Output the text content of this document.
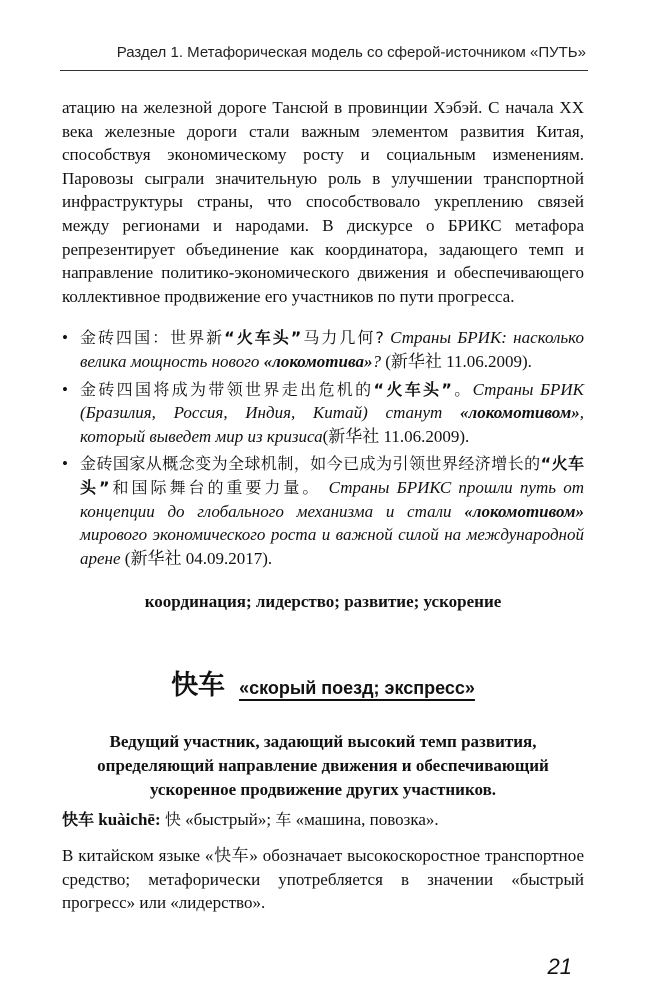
Раздел 1. Метафорическая модель со сферой-источником «ПУТЬ»

атацию на железной дороге Тансюй в провинции Хэбэй. С начала XX века железные дороги стали важным элементом развития Китая, способствуя экономическому росту и социальным изменениям. Паровозы сыграли значительную роль в улучшении транспортной инфраструктуры страны, что способствовало укреплению связей между регионами и народами. В дискурсе о БРИКС метафора репрезентирует объединение как координатора, задающего темп и направление политико-экономического движения и обеспечивающего коллективное продвижение его участников по пути прогресса.

• 金砖四国：世界新“火车头”马力几何? Страны БРИК: насколько велика мощность нового «локомотива»? (新华社 11.06.2009).
• 金砖四国将成为带领世界走出危机的“火车头”。Страны БРИК (Бразилия, Россия, Индия, Китай) станут «локомотивом», который выведет мир из кризиса(新华社 11.06.2009).
• 金砖国家从概念变为全球机制，如今已成为引领世界经济增长的“火车头”和国际舞台的重要力量。 Страны БРИКС прошли путь от концепции до глобального механизма и стали «локомотивом» мирового экономического роста и важной силой на международной арене (新华社 04.09.2017).

координация; лидерство; развитие; ускорение

快车 «скорый поезд; экспресс»

Ведущий участник, задающий высокий темп развития, определяющий направление движения и обеспечивающий ускоренное продвижение других участников.

快车 kuàichē: 快 «быстрый»; 车 «машина, повозка».

В китайском языке «快车» обозначает высокоскоростное транспортное средство; метафорически употребляется в значении «быстрый прогресс» или «лидерство».

21
